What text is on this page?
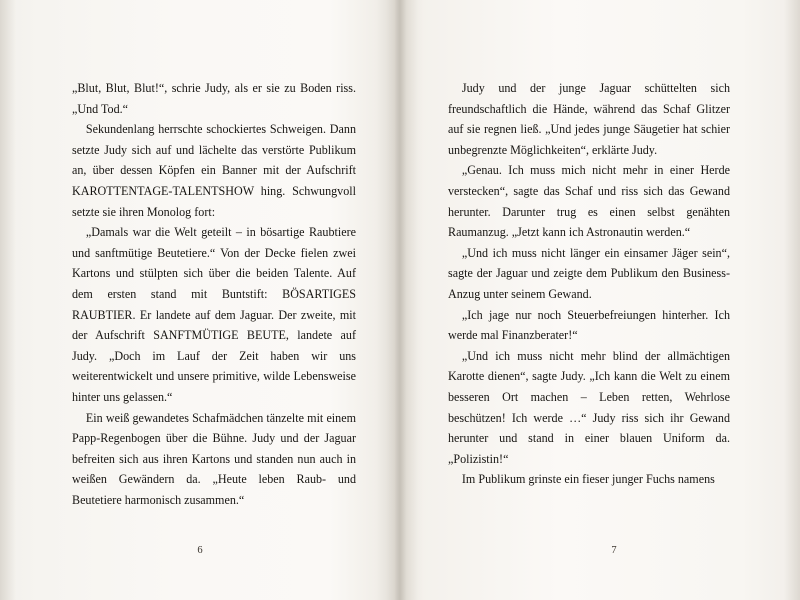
„Blut, Blut, Blut!“, schrie Judy, als er sie zu Boden riss. „Und Tod.“

Sekundenlang herrschte schockiertes Schweigen. Dann setzte Judy sich auf und lächelte das verstörte Publikum an, über dessen Köpfen ein Banner mit der Aufschrift KAROTTENTAGE-TALENTSHOW hing. Schwungvoll setzte sie ihren Monolog fort:

„Damals war die Welt geteilt – in bösartige Raubtiere und sanftmütige Beutetiere.“ Von der Decke fielen zwei Kartons und stülpten sich über die beiden Talente. Auf dem ersten stand mit Buntstift: BÖSARTIGES RAUBTIER. Er landete auf dem Jaguar. Der zweite, mit der Aufschrift SANFTMÜTIGE BEUTE, landete auf Judy. „Doch im Lauf der Zeit haben wir uns weiterentwickelt und unsere primitive, wilde Lebensweise hinter uns gelassen.“

Ein weiß gewandetes Schafmädchen tänzelte mit einem Papp-Regenbogen über die Bühne. Judy und der Jaguar befreiten sich aus ihren Kartons und standen nun auch in weißen Gewändern da. „Heute leben Raub- und Beutetiere harmonisch zusammen.“

6

Judy und der junge Jaguar schüttelten sich freundschaftlich die Hände, während das Schaf Glitzer auf sie regnen ließ. „Und jedes junge Säugetier hat schier unbegrenzte Möglichkeiten“, erklärte Judy.

„Genau. Ich muss mich nicht mehr in einer Herde verstecken“, sagte das Schaf und riss sich das Gewand herunter. Darunter trug es einen selbst genähten Raumanzug. „Jetzt kann ich Astronautin werden.“

„Und ich muss nicht länger ein einsamer Jäger sein“, sagte der Jaguar und zeigte dem Publikum den Business-Anzug unter seinem Gewand.

„Ich jage nur noch Steuerbefreiungen hinterher. Ich werde mal Finanzberater!“

„Und ich muss nicht mehr blind der allmächtigen Karotte dienen“, sagte Judy. „Ich kann die Welt zu einem besseren Ort machen – Leben retten, Wehrlose beschützen! Ich werde …“ Judy riss sich ihr Gewand herunter und stand in einer blauen Uniform da. „Polizistin!“

Im Publikum grinste ein fieser junger Fuchs namens

7
